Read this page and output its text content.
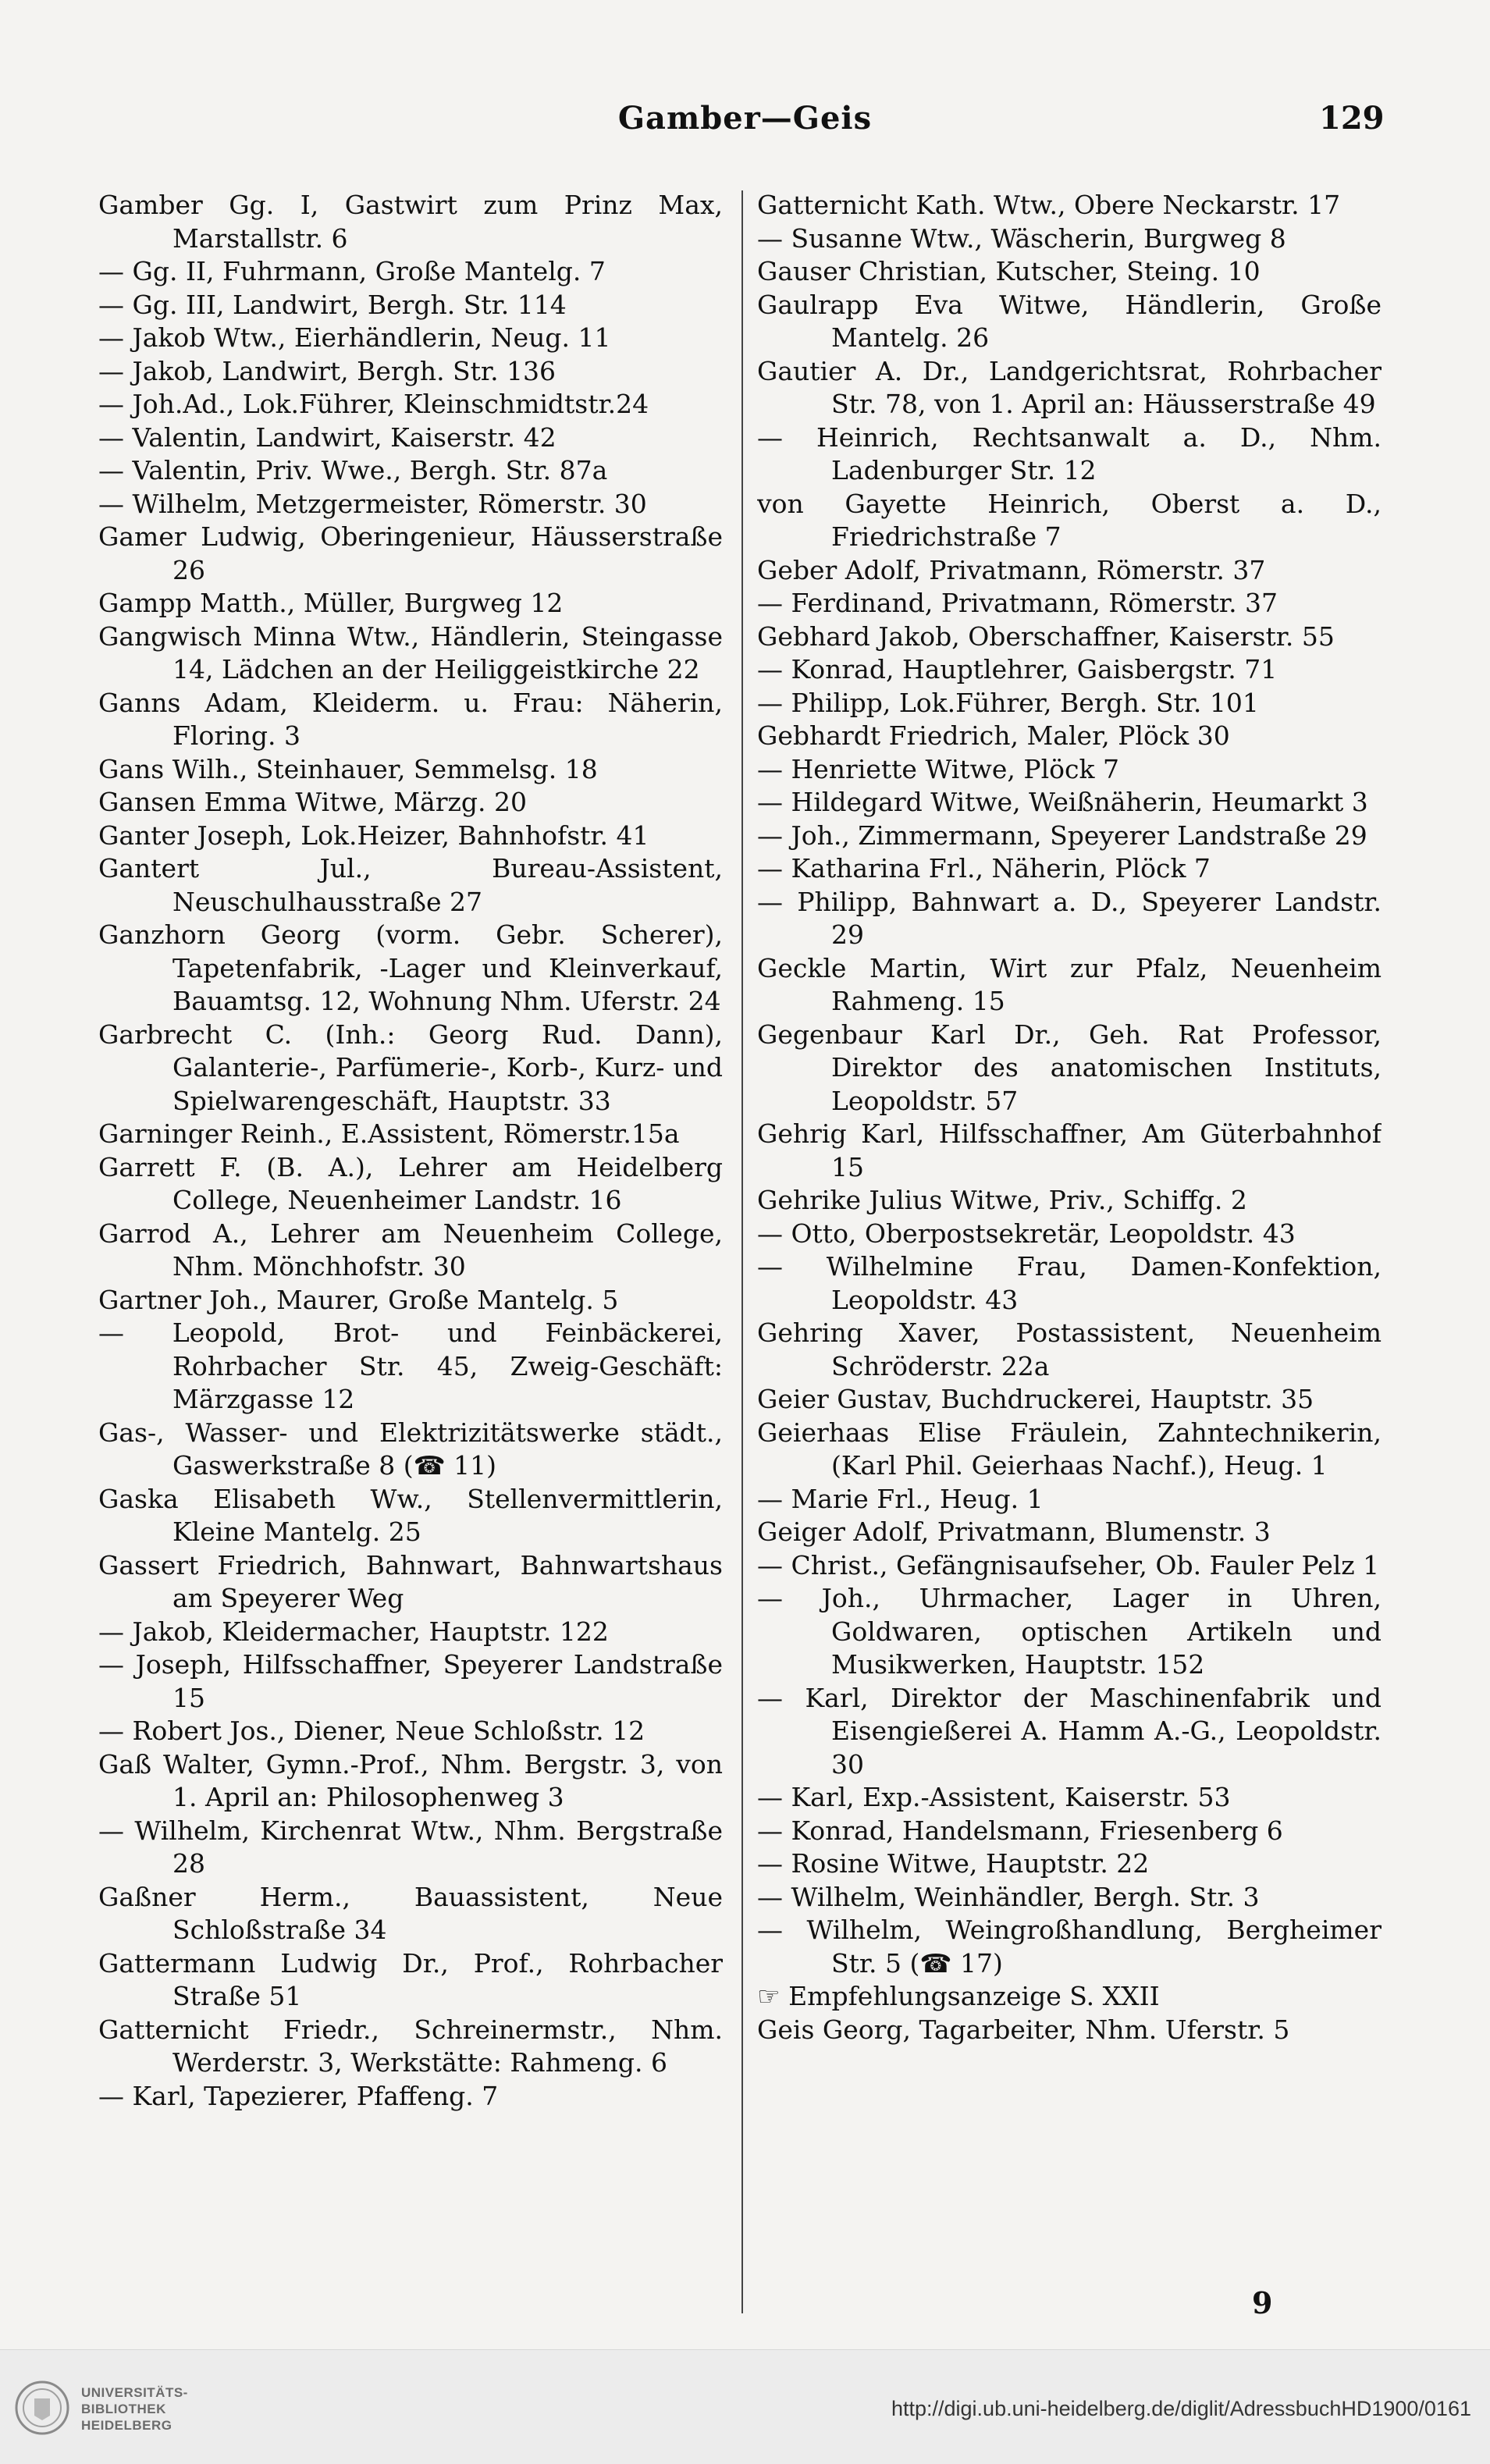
Gamber—Geis	129
Gamber Gg. I, Gastwirt zum Prinz Max, Marstallstr. 6
— Gg. II, Fuhrmann, Große Mantelg. 7
— Gg. III, Landwirt, Bergh. Str. 114
— Jakob Wtw., Eierhändlerin, Neug. 11
— Jakob, Landwirt, Bergh. Str. 136
— Joh.Ad., Lok.Führer, Kleinschmidtstr.24
— Valentin, Landwirt, Kaiserstr. 42
— Valentin, Priv. Wwe., Bergh. Str. 87a
— Wilhelm, Metzgermeister, Römerstr. 30
Gamer Ludwig, Oberingenieur, Häusserstraße 26
Gampp Matth., Müller, Burgweg 12
Gangwisch Minna Wtw., Händlerin, Steingasse 14, Lädchen an der Heiliggeistkirche 22
Ganns Adam, Kleiderm. u. Frau: Näherin, Floring. 3
Gans Wilh., Steinhauer, Semmelsg. 18
Gansen Emma Witwe, Märzg. 20
Ganter Joseph, Lok.Heizer, Bahnhofstr. 41
Gantert Jul., Bureau-Assistent, Neuschulhausstraße 27
Ganzhorn Georg (vorm. Gebr. Scherer), Tapetenfabrik, -Lager und Kleinverkauf, Bauamtsg. 12, Wohnung Nhm. Uferstr. 24
Garbrecht C. (Inh.: Georg Rud. Dann), Galanterie-, Parfümerie-, Korb-, Kurz- und Spielwarengeschäft, Hauptstr. 33
Garninger Reinh., E.Assistent, Römerstr.15a
Garrett F. (B. A.), Lehrer am Heidelberg College, Neuenheimer Landstr. 16
Garrod A., Lehrer am Neuenheim College, Nhm. Mönchhofstr. 30
Gartner Joh., Maurer, Große Mantelg. 5
— Leopold, Brot- und Feinbäckerei, Rohrbacher Str. 45, Zweig-Geschäft: Märzgasse 12
Gas-, Wasser- und Elektrizitätswerke städt., Gaswerkstraße 8 (☎ 11)
Gaska Elisabeth Ww., Stellenvermittlerin, Kleine Mantelg. 25
Gassert Friedrich, Bahnwart, Bahnwartshaus am Speyerer Weg
— Jakob, Kleidermacher, Hauptstr. 122
— Joseph, Hilfsschaffner, Speyerer Landstraße 15
— Robert Jos., Diener, Neue Schloßstr. 12
Gaß Walter, Gymn.-Prof., Nhm. Bergstr. 3, von 1. April an: Philosophenweg 3
— Wilhelm, Kirchenrat Wtw., Nhm. Bergstraße 28
Gaßner Herm., Bauassistent, Neue Schloßstraße 34
Gattermann Ludwig Dr., Prof., Rohrbacher Straße 51
Gatternicht Friedr., Schreinermstr., Nhm. Werderstr. 3, Werkstätte: Rahmeng. 6
— Karl, Tapezierer, Pfaffeng. 7
Gatternicht Kath. Wtw., Obere Neckarstr. 17
— Susanne Wtw., Wäscherin, Burgweg 8
Gauser Christian, Kutscher, Steing. 10
Gaulrapp Eva Witwe, Händlerin, Große Mantelg. 26
Gautier A. Dr., Landgerichtsrat, Rohrbacher Str. 78, von 1. April an: Häusserstraße 49
— Heinrich, Rechtsanwalt a. D., Nhm. Ladenburger Str. 12
von Gayette Heinrich, Oberst a. D., Friedrichstraße 7
Geber Adolf, Privatmann, Römerstr. 37
— Ferdinand, Privatmann, Römerstr. 37
Gebhard Jakob, Oberschaffner, Kaiserstr. 55
— Konrad, Hauptlehrer, Gaisbergstr. 71
— Philipp, Lok.Führer, Bergh. Str. 101
Gebhardt Friedrich, Maler, Plöck 30
— Henriette Witwe, Plöck 7
— Hildegard Witwe, Weißnäherin, Heumarkt 3
— Joh., Zimmermann, Speyerer Landstraße 29
— Katharina Frl., Näherin, Plöck 7
— Philipp, Bahnwart a. D., Speyerer Landstr. 29
Geckle Martin, Wirt zur Pfalz, Neuenheim Rahmeng. 15
Gegenbaur Karl Dr., Geh. Rat Professor, Direktor des anatomischen Instituts, Leopoldstr. 57
Gehrig Karl, Hilfsschaffner, Am Güterbahnhof 15
Gehrike Julius Witwe, Priv., Schiffg. 2
— Otto, Oberpostsekretär, Leopoldstr. 43
— Wilhelmine Frau, Damen-Konfektion, Leopoldstr. 43
Gehring Xaver, Postassistent, Neuenheim Schröderstr. 22a
Geier Gustav, Buchdruckerei, Hauptstr. 35
Geierhaas Elise Fräulein, Zahntechnikerin, (Karl Phil. Geierhaas Nachf.), Heug. 1
— Marie Frl., Heug. 1
Geiger Adolf, Privatmann, Blumenstr. 3
— Christ., Gefängnisaufseher, Ob. Fauler Pelz 1
— Joh., Uhrmacher, Lager in Uhren, Goldwaren, optischen Artikeln und Musikwerken, Hauptstr. 152
— Karl, Direktor der Maschinenfabrik und Eisengießerei A. Hamm A.-G., Leopoldstr. 30
— Karl, Exp.-Assistent, Kaiserstr. 53
— Konrad, Handelsmann, Friesenberg 6
— Rosine Witwe, Hauptstr. 22
— Wilhelm, Weinhändler, Bergh. Str. 3
— Wilhelm, Weingroßhandlung, Bergheimer Str. 5 (☎ 17)
☞ Empfehlungsanzeige S. XXII
Geis Georg, Tagarbeiter, Nhm. Uferstr. 5
9
UNIVERSITÄTS-
BIBLIOTHEK
HEIDELBERG
http://digi.ub.uni-heidelberg.de/diglit/AdressbuchHD1900/0161
